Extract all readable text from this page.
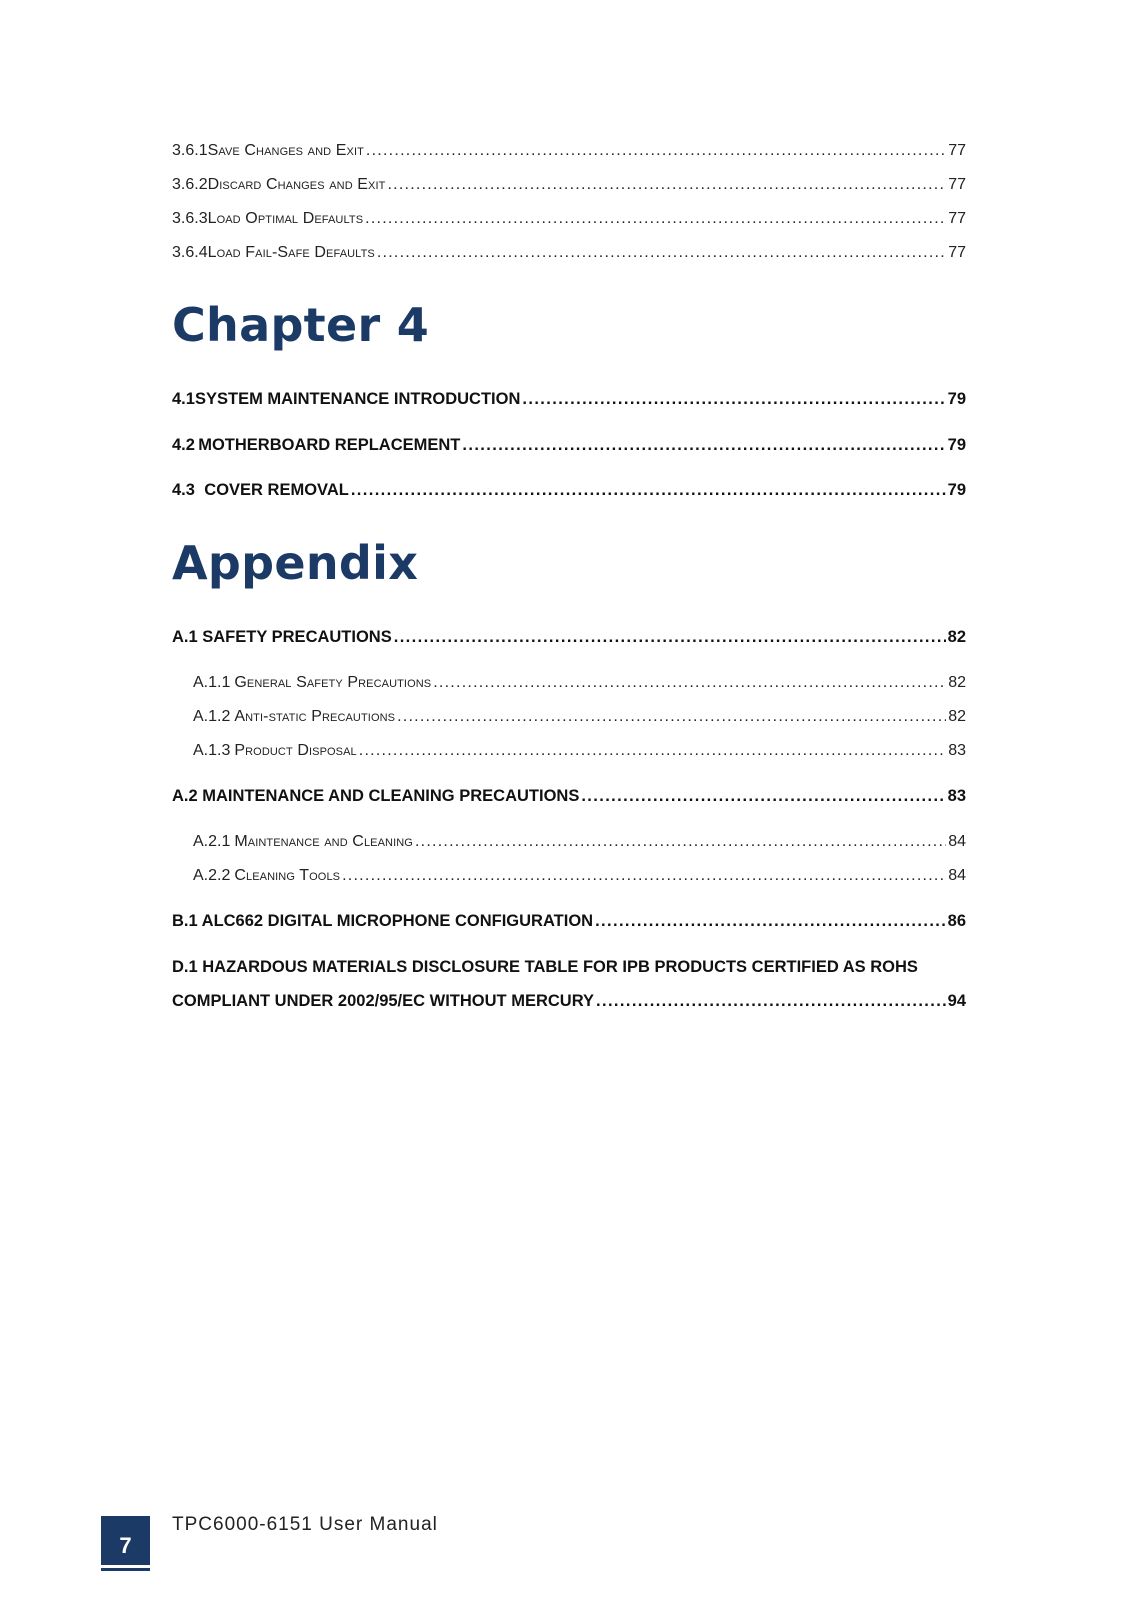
3.6.1 Save Changes and Exit . . .	77
3.6.2 Discard Changes and Exit . . .	77
3.6.3 Load Optimal Defaults . . .	77
3.6.4 Load Fail-Safe Defaults . . .	77
Chapter 4
4.1 SYSTEM MAINTENANCE INTRODUCTION . . .	79
4.2 MOTHERBOARD REPLACEMENT . . .	79
4.3 COVER REMOVAL . . .	79
Appendix
A.1 SAFETY PRECAUTIONS . . .	82
A.1.1 General Safety Precautions . . .	82
A.1.2 Anti-static Precautions . . .	82
A.1.3 Product Disposal . . .	83
A.2 MAINTENANCE AND CLEANING PRECAUTIONS . . .	83
A.2.1 Maintenance and Cleaning . . .	84
A.2.2 Cleaning Tools . . .	84
B.1 ALC662 DIGITAL MICROPHONE CONFIGURATION . . .	86
D.1 HAZARDOUS MATERIALS DISCLOSURE TABLE FOR IPB PRODUCTS CERTIFIED AS ROHS
COMPLIANT UNDER 2002/95/EC WITHOUT MERCURY . . .	94
7
TPC6000-6151 User Manual
